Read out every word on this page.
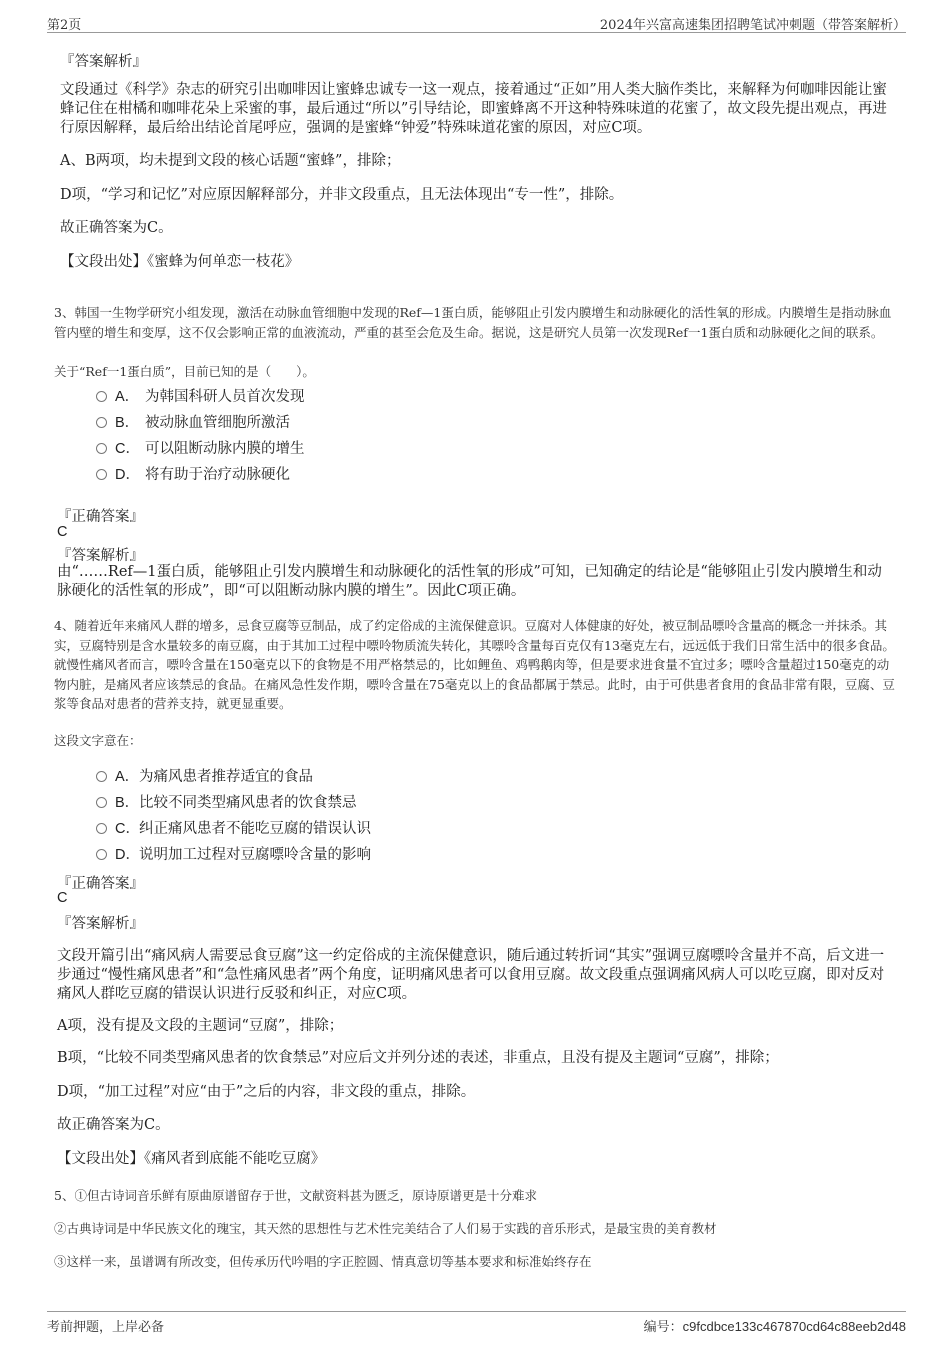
第2页	2024年兴富高速集团招聘笔试冲刺题（带答案解析）
『答案解析』
文段通过《科学》杂志的研究引出咖啡因让蜜蜂忠诚专一这一观点，接着通过“正如”用人类大脑作类比，来解释为何咖啡因能让蜜蜂记住在柑橘和咖啡花朵上采蜜的事，最后通过“所以”引导结论，即蜜蜂离不开这种特殊味道的花蜜了，故文段先提出观点，再进行原因解释，最后给出结论首尾呼应，强调的是蜜蜂“钟爱”特殊味道花蜜的原因，对应C项。
A、B两项，均未提到文段的核心话题“蜜蜂”，排除；
D项，“学习和记忆”对应原因解释部分，并非文段重点，且无法体现出“专一性”，排除。
故正确答案为C。
【文段出处】《蜜蜂为何单恋一枝花》
3、韩国一生物学研究小组发现，激活在动脉血管细胞中发现的Ref—1蛋白质，能够阻止引发内膜增生和动脉硬化的活性氧的形成。内膜增生是指动脉血管内壁的增生和变厚，这不仅会影响正常的血液流动，严重的甚至会危及生命。据说，这是研究人员第一次发现Ref一1蛋白质和动脉硬化之间的联系。
关于“Ref一1蛋白质”，目前已知的是（　　）。
A． 为韩国科研人员首次发现
B． 被动脉血管细胞所激活
C． 可以阻断动脉内膜的增生
D． 将有助于治疗动脉硬化
『正确答案』
C
『答案解析』
由“……Ref—1蛋白质，能够阻止引发内膜增生和动脉硬化的活性氧的形成”可知，已知确定的结论是“能够阻止引发内膜增生和动脉硬化的活性氧的形成”，即“可以阻断动脉内膜的增生”。因此C项正确。
4、随着近年来痛风人群的增多，忌食豆腐等豆制品，成了约定俗成的主流保健意识。豆腐对人体健康的好处，被豆制品嘌呤含量高的概念一并抹杀。其实，豆腐特别是含水量较多的南豆腐，由于其加工过程中嘌呤物质流失转化，其嘌呤含量每百克仅有13毫克左右，远远低于我们日常生活中的很多食品。就慢性痛风者而言，嘌呤含量在150毫克以下的食物是不用严格禁忌的，比如鲤鱼、鸡鸭鹅肉等，但是要求进食量不宜过多；嘌呤含量超过150毫克的动物内脏，是痛风者应该禁忌的食品。在痛风急性发作期，嘌呤含量在75毫克以上的食品都属于禁忌。此时，由于可供患者食用的食品非常有限，豆腐、豆浆等食品对患者的营养支持，就更显重要。
这段文字意在：
A．为痛风患者推荐适宜的食品
B．比较不同类型痛风患者的饮食禁忌
C．纠正痛风患者不能吃豆腐的错误认识
D．说明加工过程对豆腐嘌呤含量的影响
『正确答案』
C
『答案解析』
文段开篇引出“痛风病人需要忌食豆腐”这一约定俗成的主流保健意识，随后通过转折词“其实”强调豆腐嘌呤含量并不高，后文进一步通过“慢性痛风患者”和“急性痛风患者”两个角度，证明痛风患者可以食用豆腐。故文段重点强调痛风病人可以吃豆腐，即对反对痛风人群吃豆腐的错误认识进行反驳和纠正，对应C项。
A项，没有提及文段的主题词“豆腐”，排除；
B项，“比较不同类型痛风患者的饮食禁忌”对应后文并列分述的表述，非重点，且没有提及主题词“豆腐”，排除；
D项，“加工过程”对应“由于”之后的内容，非文段的重点，排除。
故正确答案为C。
【文段出处】《痛风者到底能不能吃豆腐》
5、①但古诗词音乐鲜有原曲原谱留存于世，文献资料甚为匮乏，原诗原谱更是十分难求
②古典诗词是中华民族文化的瑰宝，其天然的思想性与艺术性完美结合了人们易于实践的音乐形式，是最宝贵的美育教材
③这样一来，虽谱调有所改变，但传承历代吟唱的字正腔圆、情真意切等基本要求和标准始终存在
考前押题，上岸必备	编号：c9fcdbce133c467870cd64c88eeb2d48
